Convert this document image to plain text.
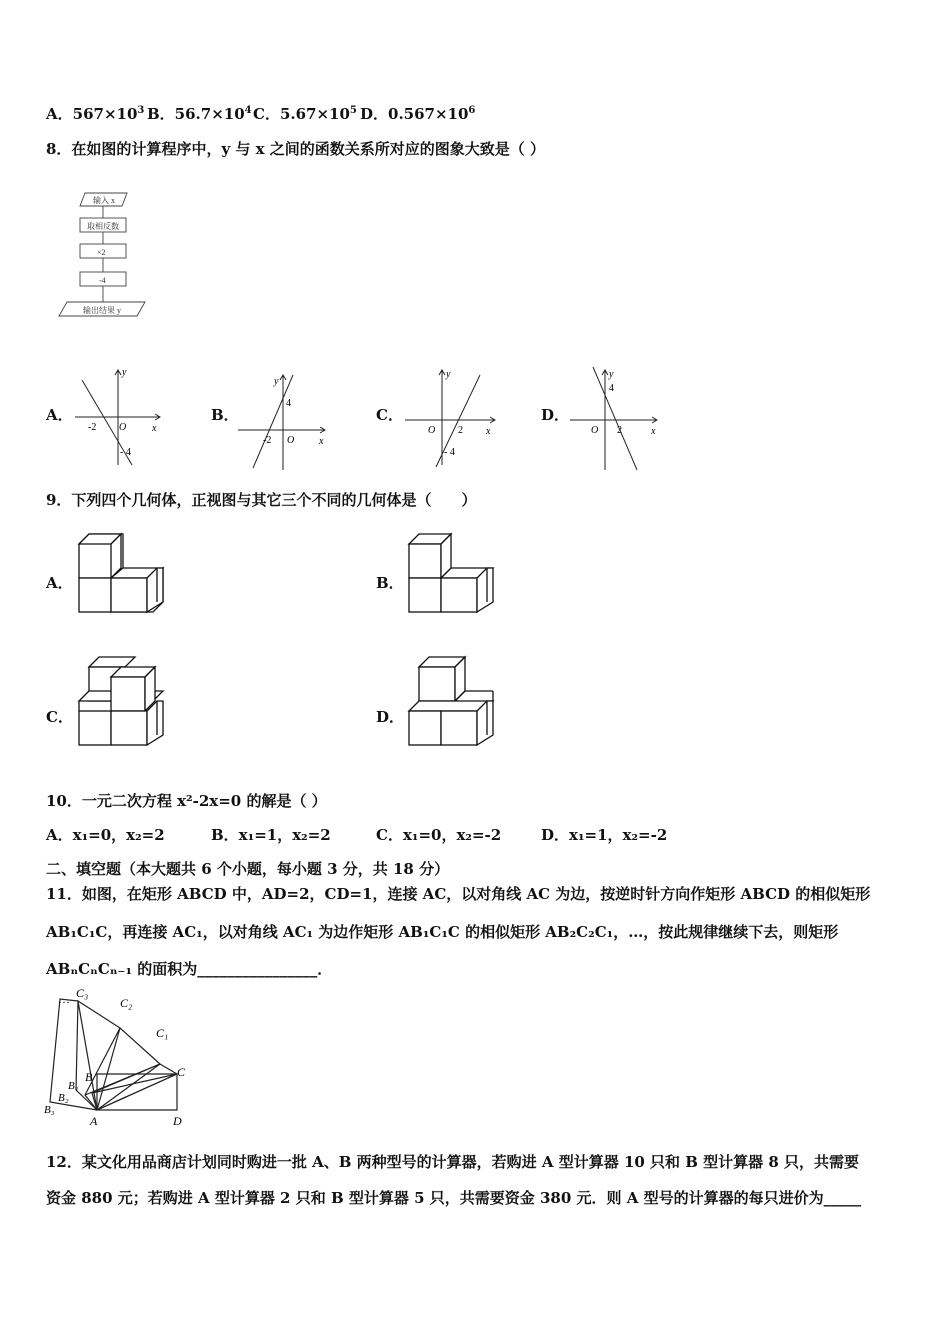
A．$567\times 10^3$ B．$56.7\times 10^4$ C．$5.67\times 10^5$ D．$0.567\times 10^6$
8．在如图的计算程序中，y 与 x 之间的函数关系所对应的图象大致是（ ）
输入 x
取相反数
×2
-4
输出结果 y
A．	B．	C．	D．
y
x
O
-2
- 4
y
x
O
-2
4
y
x
O 2
- 4
y
x
O 2
4
9．下列四个几何体，正视图与其它三个不同的几何体是（　　）
A．	B．
C．	D．
10．一元二次方程 x²-2x=0 的解是（ ）
A．x₁=0，x₂=2	B．x₁=1，x₂=2	C．x₁=0，x₂=-2	D．x₁=1，x₂=-2
二、填空题（本大题共 6 个小题，每小题 3 分，共 18 分）
11．如图，在矩形 ABCD 中，AD=2，CD=1，连接 AC，以对角线 AC 为边，按逆时针方向作矩形 ABCD 的相似矩形
AB₁C₁C，再连接 AC₁，以对角线 AC₁ 为边作矩形 AB₁C₁C 的相似矩形 AB₂C₂C₁，…，按此规律继续下去，则矩形
ABₙCₙCₙ₋₁ 的面积为________________．
… C₃
C₂
C₁
C
B
B₁
B₂
B₃
A	D
12．某文化用品商店计划同时购进一批 A、B 两种型号的计算器，若购进 A 型计算器 10 只和 B 型计算器 8 只，共需要
资金 880 元；若购进 A 型计算器 2 只和 B 型计算器 5 只，共需要资金 380 元．则 A 型号的计算器的每只进价为_____
